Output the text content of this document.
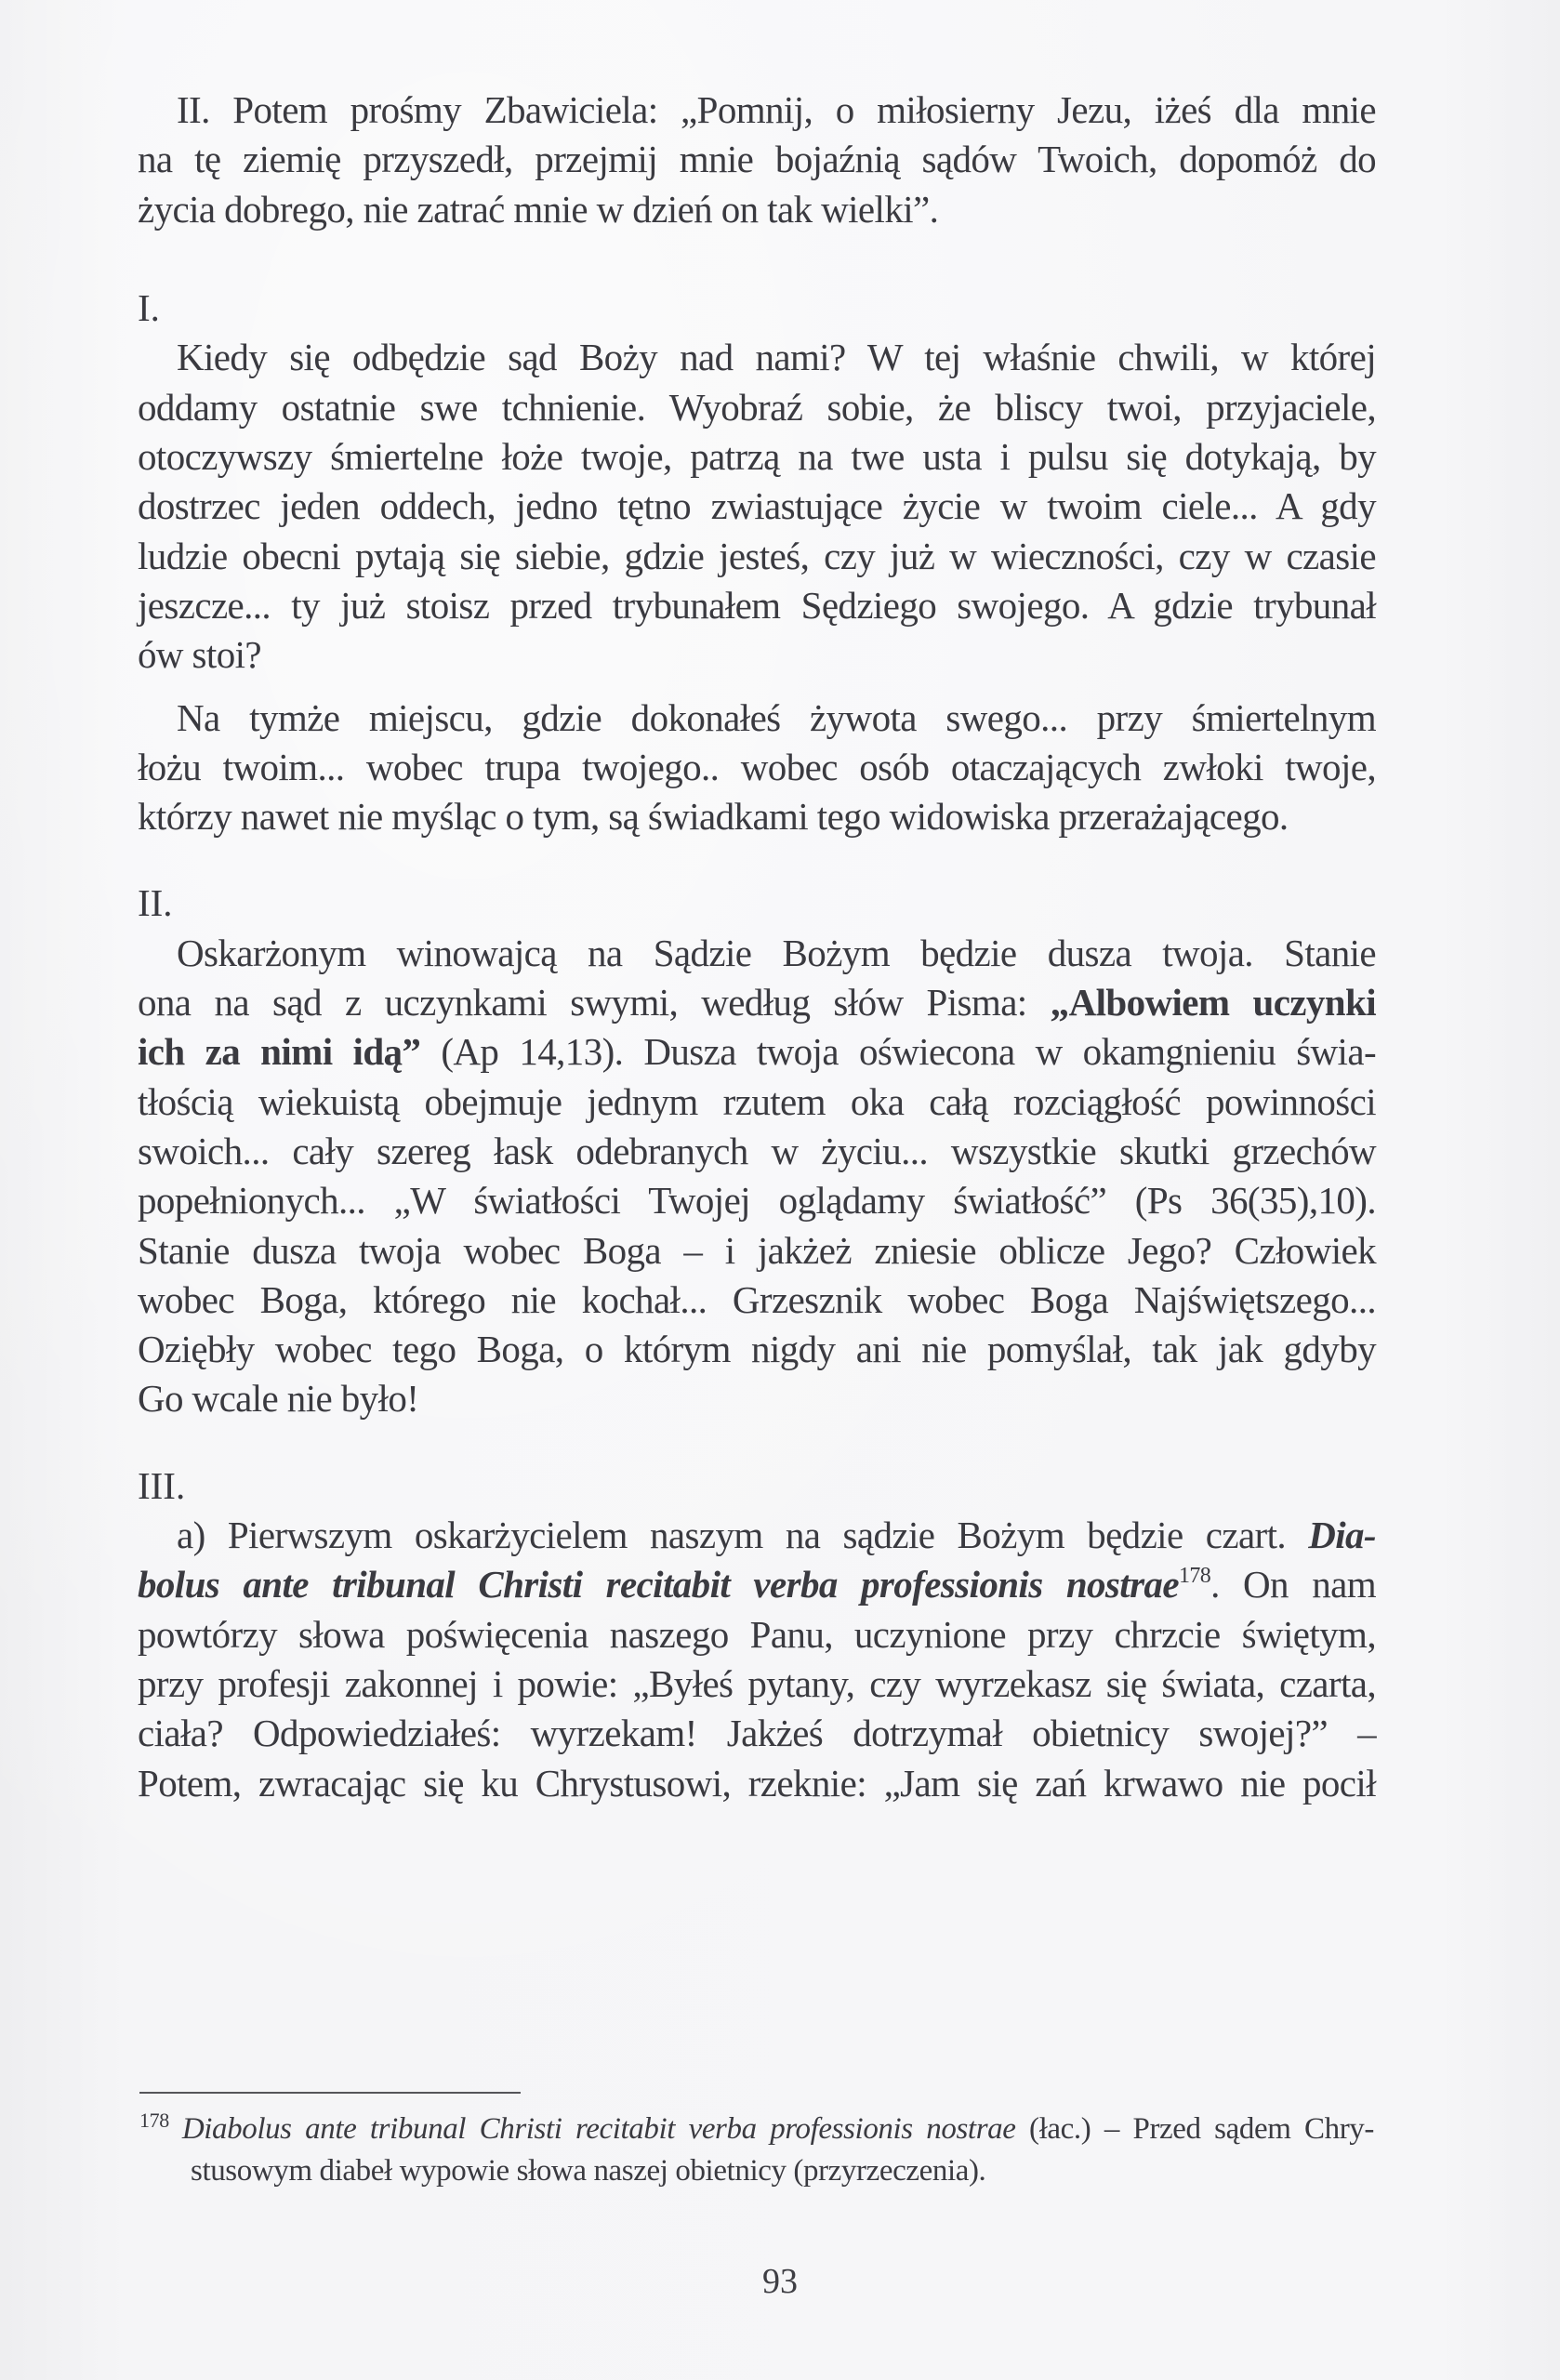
II. Potem prośmy Zbawiciela: „Pomnij, o miłosierny Jezu, iżeś dla mnie
na tę ziemię przyszedł, przejmij mnie bojaźnią sądów Twoich, dopomóż do
życia dobrego, nie zatrać mnie w dzień on tak wielki”.
I.
Kiedy się odbędzie sąd Boży nad nami? W tej właśnie chwili, w której
oddamy ostatnie swe tchnienie. Wyobraź sobie, że bliscy twoi, przyjaciele,
otoczywszy śmiertelne łoże twoje, patrzą na twe usta i pulsu się dotykają, by
dostrzec jeden oddech, jedno tętno zwiastujące życie w twoim ciele... A gdy
ludzie obecni pytają się siebie, gdzie jesteś, czy już w wieczności, czy w czasie
jeszcze... ty już stoisz przed trybunałem Sędziego swojego. A gdzie trybunał
ów stoi?
Na tymże miejscu, gdzie dokonałeś żywota swego... przy śmiertelnym
łożu twoim... wobec trupa twojego.. wobec osób otaczających zwłoki twoje,
którzy nawet nie myśląc o tym, są świadkami tego widowiska przerażającego.
II.
Oskarżonym winowajcą na Sądzie Bożym będzie dusza twoja. Stanie
ona na sąd z uczynkami swymi, według słów Pisma: „Albowiem uczynki
ich za nimi idą” (Ap 14,13). Dusza twoja oświecona w okamgnieniu świa-
tłością wiekuistą obejmuje jednym rzutem oka całą rozciągłość powinności
swoich... cały szereg łask odebranych w życiu... wszystkie skutki grzechów
popełnionych... „W światłości Twojej oglądamy światłość” (Ps 36(35),10).
Stanie dusza twoja wobec Boga – i jakżeż zniesie oblicze Jego? Człowiek
wobec Boga, którego nie kochał... Grzesznik wobec Boga Najświętszego...
Oziębły wobec tego Boga, o którym nigdy ani nie pomyślał, tak jak gdyby
Go wcale nie było!
III.
a) Pierwszym oskarżycielem naszym na sądzie Bożym będzie czart. Dia-
bolus ante tribunal Christi recitabit verba professionis nostrae$^{178}$. On nam
powtórzy słowa poświęcenia naszego Panu, uczynione przy chrzcie świętym,
przy profesji zakonnej i powie: „Byłeś pytany, czy wyrzekasz się świata, czarta,
ciała? Odpowiedziałeś: wyrzekam! Jakżeś dotrzymał obietnicy swojej?” –
Potem, zwracając się ku Chrystusowi, rzeknie: „Jam się zań krwawo nie pocił
$^{178}$ Diabolus ante tribunal Christi recitabit verba professionis nostrae (łac.) – Przed sądem Chry-
stusowym diabeł wypowie słowa naszej obietnicy (przyrzeczenia).
93
